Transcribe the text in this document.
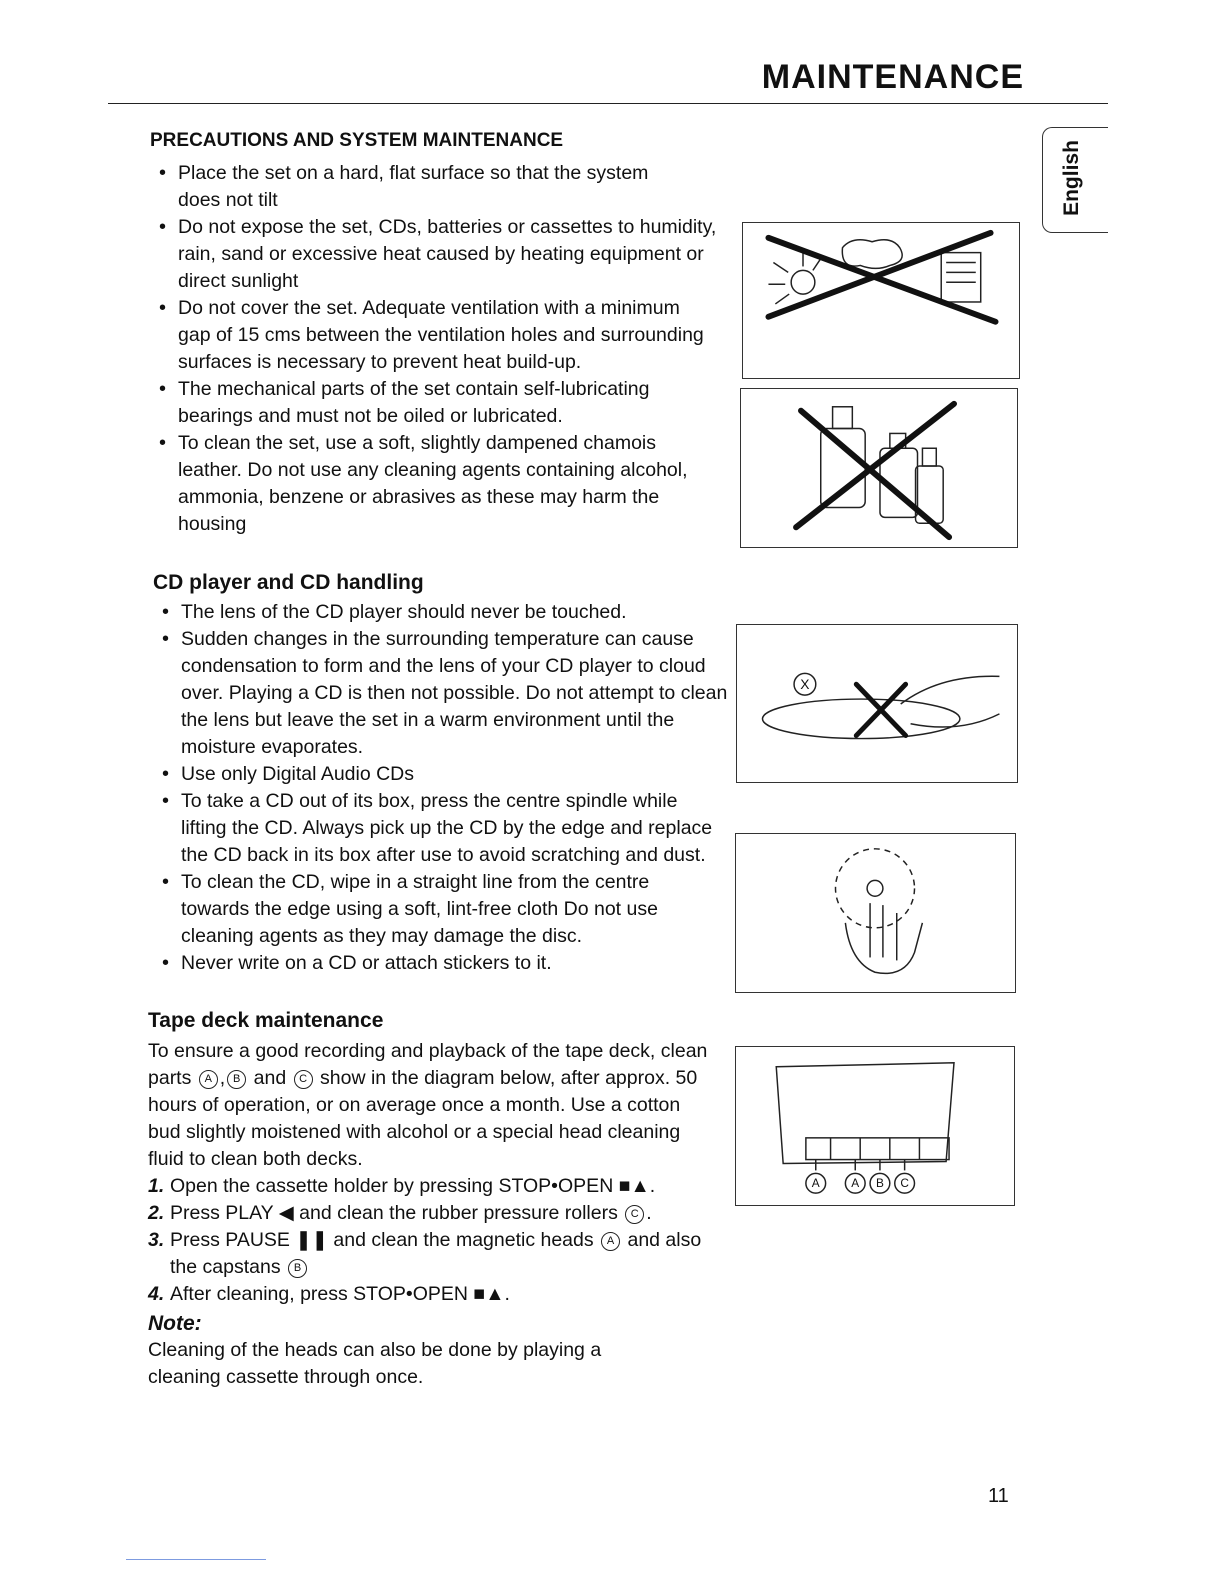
MAINTENANCE
English
PRECAUTIONS AND SYSTEM MAINTENANCE
• Place the set on a hard, flat surface so that the system does not tilt
• Do not expose the set, CDs, batteries or cassettes to humidity, rain, sand or excessive heat caused by heating equipment or direct sunlight
• Do not cover the set. Adequate ventilation with a minimum gap of 15 cms between the ventilation holes and surrounding surfaces is necessary to prevent heat build-up.
• The mechanical parts of the set contain self-lubricating bearings and must not be oiled or lubricated.
• To clean the set, use a soft, slightly dampened chamois leather. Do not use any cleaning agents containing alcohol, ammonia, benzene or abrasives as these may harm the housing
CD player and CD handling
• The lens of the CD player should never be touched.
• Sudden changes in the surrounding temperature can cause condensation to form and the lens of your CD player to cloud over. Playing a CD is then not possible. Do not attempt to clean the lens but leave the set in a warm environment until the moisture evaporates.
• Use only Digital Audio CDs
• To take a CD out of its box, press the centre spindle while lifting the CD. Always pick up the CD by the edge and replace the CD back in its box after use to avoid scratching and dust.
• To clean the CD, wipe in a straight line from the centre towards the edge using a soft, lint-free cloth Do not use cleaning agents as they may damage the disc.
• Never write on a CD or attach stickers to it.
Tape deck maintenance

To ensure a good recording and playback of the tape deck, clean parts A , B and C show in the diagram below, after approx. 50 hours of operation, or on average once a month. Use a cotton bud slightly moistened with alcohol or a special head cleaning fluid to clean both decks.

1. Open the cassette holder by pressing STOP•OPEN ■▲.
2. Press PLAY ◀ and clean the rubber pressure rollers C .
3. Press PAUSE ❚❚ and clean the magnetic heads A and also the capstans B
4. After cleaning, press STOP•OPEN ■▲.
Note:

Cleaning of the heads can also be done by playing a cleaning cassette through once.

X
A	A B C
11
